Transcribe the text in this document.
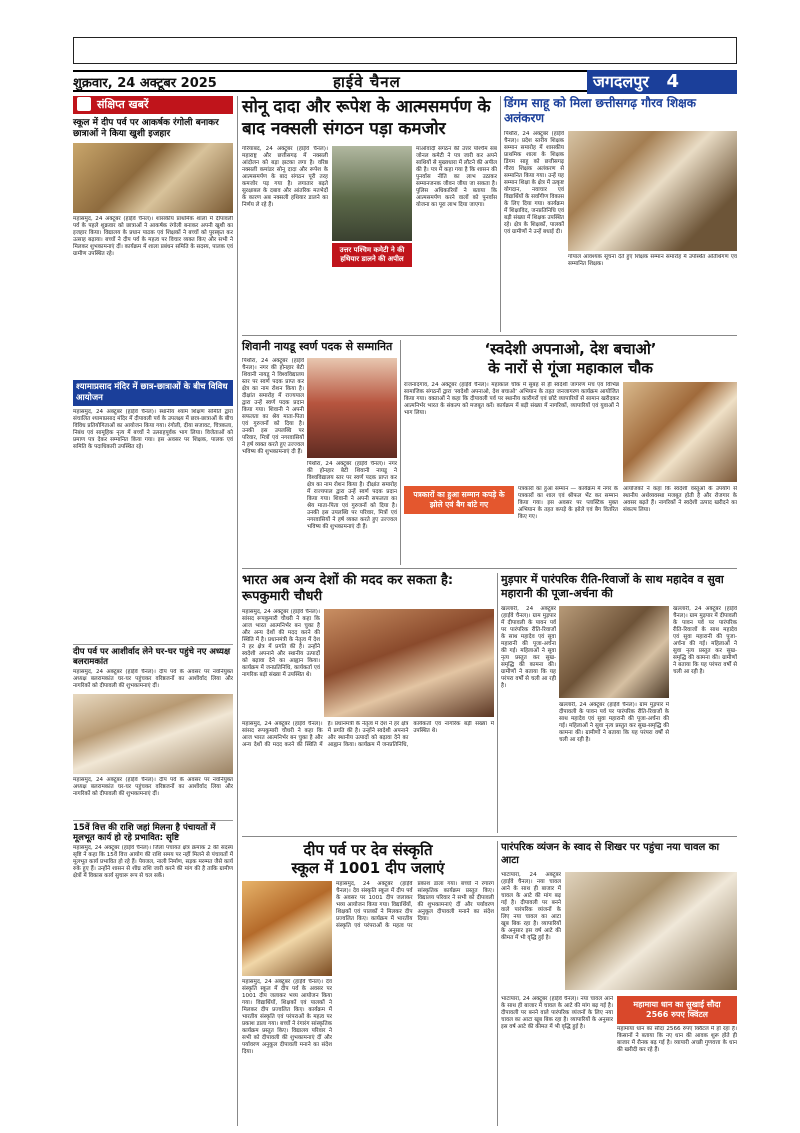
शुक्रवार, 24 अक्टूबर 2025	हाईवे चैनल	जगदलपुर 4
संक्षिप्त खबरें
स्कूल में दीप पर्व पर आकर्षक रंगोली बनाकर छात्राओं ने किया खुशी इजहार
महासमुंद, 24 अक्टूबर (हाईवे चैनल)। शासकीय प्राथमिक शाला में दीपावली पर्व के पहले शुक्रवार को छात्राओं ने आकर्षक रंगोली बनाकर अपनी खुशी का इजहार किया। विद्यालय के प्रधान पाठक एवं शिक्षकों ने बच्चों को पुरस्कृत कर उत्साह बढ़ाया। बच्चों ने दीप पर्व के महत्व पर विचार व्यक्त किए और सभी ने मिलकर शुभकामनाएं दीं। कार्यक्रम में शाला प्रबंधन समिति के सदस्य, पालक एवं ग्रामीण उपस्थित रहे।
श्यामाप्रसाद मंदिर में छात्र-छात्राओं के बीच विविध आयोजन
महासमुंद, 24 अक्टूबर (हाईवे चैनल)। स्थानीय श्याम शिक्षण समिति द्वारा संचालित श्यामाप्रसाद मंदिर में दीपावली पर्व के उपलक्ष्य में छात्र-छात्राओं के बीच विविध प्रतियोगिताओं का आयोजन किया गया। रंगोली, दीया सजावट, चित्रकला, निबंध एवं सामूहिक नृत्य में बच्चों ने उत्साहपूर्वक भाग लिया। विजेताओं को प्रमाण पत्र देकर सम्मानित किया गया। इस अवसर पर शिक्षक, पालक एवं समिति के पदाधिकारी उपस्थित रहे।
दीप पर्व पर आशीर्वाद लेने घर-घर पहुंचे नए अध्यक्ष बलरामकांत
महासमुंद, 24 अक्टूबर (हाईवे चैनल)। दीप पर्व के अवसर पर नवनियुक्त अध्यक्ष बलरामकांत घर-घर पहुंचकर वरिष्ठजनों का आशीर्वाद लिया और नागरिकों को दीपावली की शुभकामनाएं दीं।
महासमुंद, 24 अक्टूबर (हाईवे चैनल)। दीप पर्व के अवसर पर नवनियुक्त अध्यक्ष बलरामकांत घर-घर पहुंचकर वरिष्ठजनों का आशीर्वाद लिया और नागरिकों को दीपावली की शुभकामनाएं दीं।
15वें वित्त की राशि जहां मिलना है पंचायतों में मूलभूत कार्य हो रहे प्रभावित: सृष्टि
महासमुंद, 24 अक्टूबर (हाईवे चैनल)। जिला पंचायत क्षेत्र क्रमांक 2 की सदस्य सृष्टि ने कहा कि 15वें वित्त आयोग की राशि समय पर नहीं मिलने से पंचायतों में मूलभूत कार्य प्रभावित हो रहे हैं। पेयजल, नाली निर्माण, सड़क मरम्मत जैसे कार्य रुके हुए हैं। उन्होंने शासन से शीघ्र राशि जारी करने की मांग की है ताकि ग्रामीण क्षेत्रों में विकास कार्य सुचारू रूप से चल सकें।
सोनू दादा और रूपेश के आत्मसमर्पण के बाद नक्सली संगठन पड़ा कमजोर
गरियाबंद, 24 अक्टूबर (हाईवे चैनल)। महाराष्ट्र और छत्तीसगढ़ में नक्सली आंदोलन को बड़ा झटका लगा है। वरिष्ठ नक्सली कमांडर सोनू दादा और रूपेश के आत्मसमर्पण के बाद संगठन पूरी तरह कमजोर पड़ गया है। लगातार बढ़ते सुरक्षाबल के दबाव और आंतरिक मतभेदों के कारण अब नक्सली हथियार डालने का निर्णय ले रहे हैं।
उत्तर पश्चिम कमेटी ने की हथियार डालने की अपील
माओवादी संगठन की उत्तर पश्चिम सब जोनल कमेटी ने पत्र जारी कर अपने साथियों से मुख्यधारा में लौटने की अपील की है। पत्र में कहा गया है कि शासन की पुनर्वास नीति का लाभ उठाकर सम्मानजनक जीवन जीया जा सकता है। पुलिस अधिकारियों ने बताया कि आत्मसमर्पण करने वालों को पुनर्वास योजना का पूरा लाभ दिया जाएगा।
डिंगम साहू को मिला छत्तीसगढ़ गौरव शिक्षक अलंकरण
पिथौरा, 24 अक्टूबर (हाईवे चैनल)। प्रदेश स्तरीय शिक्षक सम्मान समारोह में शासकीय प्राथमिक शाला के शिक्षक डिंगम साहू को छत्तीसगढ़ गौरव शिक्षक अलंकरण से सम्मानित किया गया। उन्हें यह सम्मान शिक्षा के क्षेत्र में उत्कृष्ट योगदान, नवाचार एवं विद्यार्थियों के सर्वांगीण विकास के लिए दिया गया। कार्यक्रम में शिक्षाविद, जनप्रतिनिधि एवं बड़ी संख्या में शिक्षक उपस्थित रहे। क्षेत्र के शिक्षकों, पालकों एवं ग्रामीणों ने उन्हें बधाई दी।
गोपाल आवश्यक सूचना देते हुए शिक्षक सम्मान समारोह में उपस्थित अतिथिगण एवं सम्मानित शिक्षक।
शिवानी नायडू स्वर्ण पदक से सम्मानित
पिथौरा, 24 अक्टूबर (हाईवे चैनल)। नगर की होनहार बेटी शिवानी नायडू ने विश्वविद्यालय स्तर पर स्वर्ण पदक प्राप्त कर क्षेत्र का नाम रोशन किया है। दीक्षांत समारोह में राज्यपाल द्वारा उन्हें स्वर्ण पदक प्रदान किया गया। शिवानी ने अपनी सफलता का श्रेय माता-पिता एवं गुरुजनों को दिया है। उनकी इस उपलब्धि पर परिवार, मित्रों एवं नगरवासियों ने हर्ष व्यक्त करते हुए उज्ज्वल भविष्य की शुभकामनाएं दी हैं।
पिथौरा, 24 अक्टूबर (हाईवे चैनल)। नगर की होनहार बेटी शिवानी नायडू ने विश्वविद्यालय स्तर पर स्वर्ण पदक प्राप्त कर क्षेत्र का नाम रोशन किया है। दीक्षांत समारोह में राज्यपाल द्वारा उन्हें स्वर्ण पदक प्रदान किया गया। शिवानी ने अपनी सफलता का श्रेय माता-पिता एवं गुरुजनों को दिया है। उनकी इस उपलब्धि पर परिवार, मित्रों एवं नगरवासियों ने हर्ष व्यक्त करते हुए उज्ज्वल भविष्य की शुभकामनाएं दी हैं।
‘स्वदेशी अपनाओ, देश बचाओ’
के नारों से गूंजा महाकाल चौक
राजनांदगांव, 24 अक्टूबर (हाईवे चैनल)। महाकाल चौक में सुबह से ही स्वदेशी जागरण मंच एवं विभिन्न सामाजिक संगठनों द्वारा ‘स्वदेशी अपनाओ, देश बचाओ’ अभियान के तहत जनजागरण कार्यक्रम आयोजित किया गया। वक्ताओं ने कहा कि दीपावली पर्व पर स्थानीय कारीगरों एवं छोटे व्यापारियों से सामान खरीदकर आत्मनिर्भर भारत के संकल्प को मजबूत करें। कार्यक्रम में बड़ी संख्या में नागरिकों, व्यापारियों एवं युवाओं ने भाग लिया।
पत्रकारों का हुआ सम्मान कपड़े के झोले एवं बैग बांटे गए
पत्रकारों का हुआ सम्मान — कार्यक्रम में नगर के पत्रकारों का शाल एवं श्रीफल भेंट कर सम्मान किया गया। इस अवसर पर प्लास्टिक मुक्त अभियान के तहत कपड़े के झोले एवं बैग वितरित किए गए।
आयोजकों ने कहा कि स्वदेशी वस्तुओं के उपयोग से स्थानीय अर्थव्यवस्था मजबूत होती है और रोजगार के अवसर बढ़ते हैं। नागरिकों ने स्वदेशी उत्पाद खरीदने का संकल्प लिया।
भारत अब अन्य देशों की मदद कर सकता है: रूपकुमारी चौधरी
महासमुंद, 24 अक्टूबर (हाईवे चैनल)। सांसद रूपकुमारी चौधरी ने कहा कि आज भारत आत्मनिर्भर बन चुका है और अन्य देशों की मदद करने की स्थिति में है। प्रधानमंत्री के नेतृत्व में देश ने हर क्षेत्र में प्रगति की है। उन्होंने स्वदेशी अपनाने और स्थानीय उत्पादों को बढ़ावा देने का आह्वान किया। कार्यक्रम में जनप्रतिनिधि, कार्यकर्ता एवं नागरिक बड़ी संख्या में उपस्थित थे।
महासमुंद, 24 अक्टूबर (हाईवे चैनल)। सांसद रूपकुमारी चौधरी ने कहा कि आज भारत आत्मनिर्भर बन चुका है और अन्य देशों की मदद करने की स्थिति में है। प्रधानमंत्री के नेतृत्व में देश ने हर क्षेत्र में प्रगति की है। उन्होंने स्वदेशी अपनाने और स्थानीय उत्पादों को बढ़ावा देने का आह्वान किया। कार्यक्रम में जनप्रतिनिधि, कार्यकर्ता एवं नागरिक बड़ी संख्या में उपस्थित थे।
मुड़पार में पारंपरिक रीति-रिवाजों के साथ महादेव व सुवा महारानी की पूजा-अर्चना की
खल्लारी, 24 अक्टूबर (हाईवे चैनल)। ग्राम मुड़पार में दीपावली के पावन पर्व पर पारंपरिक रीति-रिवाजों के साथ महादेव एवं सुवा महारानी की पूजा-अर्चना की गई। महिलाओं ने सुवा नृत्य प्रस्तुत कर सुख-समृद्धि की कामना की। ग्रामीणों ने बताया कि यह परंपरा वर्षों से चली आ रही है।
खल्लारी, 24 अक्टूबर (हाईवे चैनल)। ग्राम मुड़पार में दीपावली के पावन पर्व पर पारंपरिक रीति-रिवाजों के साथ महादेव एवं सुवा महारानी की पूजा-अर्चना की गई। महिलाओं ने सुवा नृत्य प्रस्तुत कर सुख-समृद्धि की कामना की। ग्रामीणों ने बताया कि यह परंपरा वर्षों से चली आ रही है।
खल्लारी, 24 अक्टूबर (हाईवे चैनल)। ग्राम मुड़पार में दीपावली के पावन पर्व पर पारंपरिक रीति-रिवाजों के साथ महादेव एवं सुवा महारानी की पूजा-अर्चना की गई। महिलाओं ने सुवा नृत्य प्रस्तुत कर सुख-समृद्धि की कामना की। ग्रामीणों ने बताया कि यह परंपरा वर्षों से चली आ रही है।
दीप पर्व पर देव संस्कृति
स्कूल में 1001 दीप जलाएं
महासमुंद, 24 अक्टूबर (हाईवे चैनल)। देव संस्कृति स्कूल में दीप पर्व के अवसर पर 1001 दीप जलाकर भव्य आयोजन किया गया। विद्यार्थियों, शिक्षकों एवं पालकों ने मिलकर दीप प्रज्वलित किए। कार्यक्रम में भारतीय संस्कृति एवं परंपराओं के महत्व पर प्रकाश डाला गया। बच्चों ने रंगारंग सांस्कृतिक कार्यक्रम प्रस्तुत किए। विद्यालय परिवार ने सभी को दीपावली की शुभकामनाएं दीं और पर्यावरण अनुकूल दीपावली मनाने का संदेश दिया।
महासमुंद, 24 अक्टूबर (हाईवे चैनल)। देव संस्कृति स्कूल में दीप पर्व के अवसर पर 1001 दीप जलाकर भव्य आयोजन किया गया। विद्यार्थियों, शिक्षकों एवं पालकों ने मिलकर दीप प्रज्वलित किए। कार्यक्रम में भारतीय संस्कृति एवं परंपराओं के महत्व पर प्रकाश डाला गया। बच्चों ने रंगारंग सांस्कृतिक कार्यक्रम प्रस्तुत किए। विद्यालय परिवार ने सभी को दीपावली की शुभकामनाएं दीं और पर्यावरण अनुकूल दीपावली मनाने का संदेश दिया।
पारंपरिक व्यंजन के स्वाद से शिखर पर पहुंचा नया चावल का आटा
भाटापारा, 24 अक्टूबर (हाईवे चैनल)। नया चावल आने के साथ ही बाजार में चावल के आटे की मांग बढ़ गई है। दीपावली पर बनने वाले पारंपरिक व्यंजनों के लिए नया चावल का आटा खूब बिक रहा है। व्यापारियों के अनुसार इस वर्ष आटे की कीमत में भी वृद्धि हुई है।
भाटापारा, 24 अक्टूबर (हाईवे चैनल)। नया चावल आने के साथ ही बाजार में चावल के आटे की मांग बढ़ गई है। दीपावली पर बनने वाले पारंपरिक व्यंजनों के लिए नया चावल का आटा खूब बिक रहा है। व्यापारियों के अनुसार इस वर्ष आटे की कीमत में भी वृद्धि हुई है।
महामाया धान का सुखाई सौदा 2566 रुपए क्विंटल
महामाया धान का सौदा 2566 रुपए क्विंटल में हो रहा है। किसानों ने बताया कि नए धान की आवक शुरू होते ही बाजार में रौनक बढ़ गई है। व्यापारी अच्छी गुणवत्ता के धान की खरीदी कर रहे हैं।
